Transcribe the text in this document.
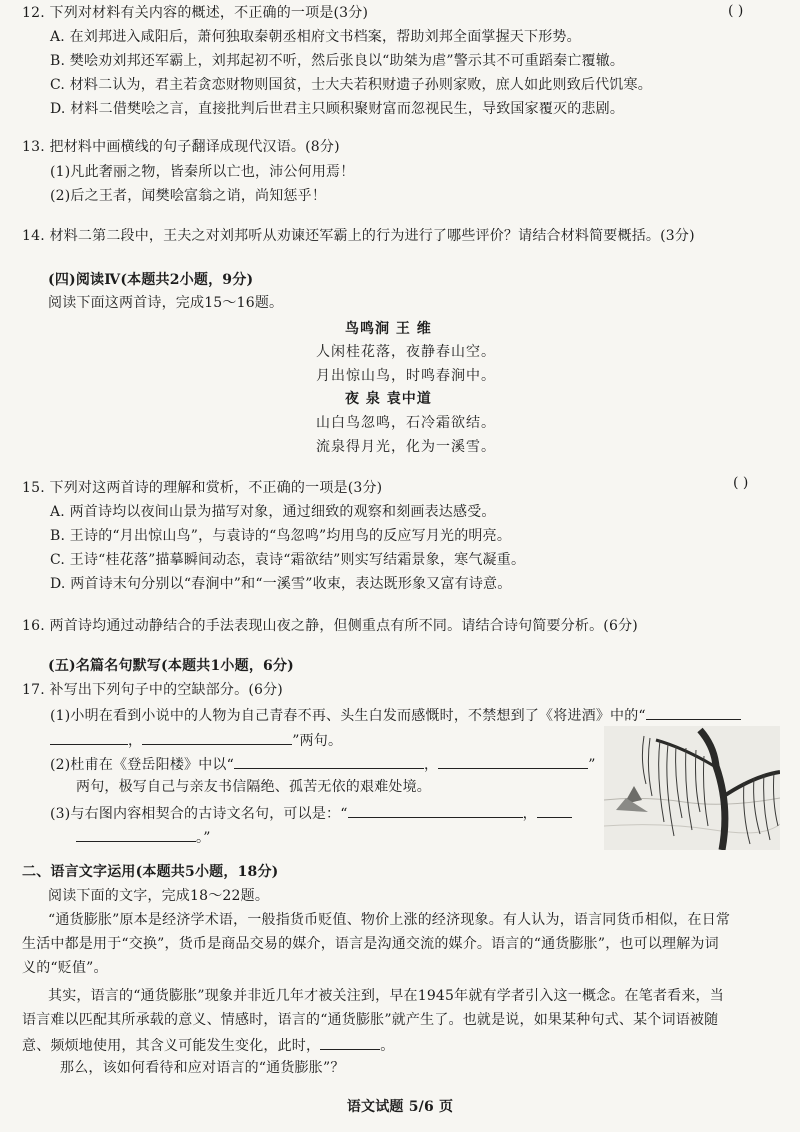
12. 下列对材料有关内容的概述，不正确的一项是(3分)	( )
A. 在刘邦进入咸阳后，萧何独取秦朝丞相府文书档案，帮助刘邦全面掌握天下形势。
B. 樊哙劝刘邦还军霸上，刘邦起初不听，然后张良以“助桀为虐”警示其不可重蹈秦亡覆辙。
C. 材料二认为，君主若贪恋财物则国贫，士大夫若积财遗子孙则家败，庶人如此则致后代饥寒。
D. 材料二借樊哙之言，直接批判后世君主只顾积聚财富而忽视民生，导致国家覆灭的悲剧。
13. 把材料中画横线的句子翻译成现代汉语。(8分)
(1)凡此奢丽之物，皆秦所以亡也，沛公何用焉！
(2)后之王者，闻樊哙富翁之诮，尚知惩乎！
14. 材料二第二段中，王夫之对刘邦听从劝谏还军霸上的行为进行了哪些评价？请结合材料简要概括。(3分)
(四)阅读Ⅳ(本题共2小题，9分)
阅读下面这两首诗，完成15～16题。
鸟鸣涧 王 维
人闲桂花落，夜静春山空。
月出惊山鸟，时鸣春涧中。
夜 泉 袁中道
山白鸟忽鸣，石冷霜欲结。
流泉得月光，化为一溪雪。
15. 下列对这两首诗的理解和赏析，不正确的一项是(3分)	( )
A. 两首诗均以夜间山景为描写对象，通过细致的观察和刻画表达感受。
B. 王诗的“月出惊山鸟”，与袁诗的“鸟忽鸣”均用鸟的反应写月光的明亮。
C. 王诗“桂花落”描摹瞬间动态，袁诗“霜欲结”则实写结霜景象，寒气凝重。
D. 两首诗末句分别以“春涧中”和“一溪雪”收束，表达既形象又富有诗意。
16. 两首诗均通过动静结合的手法表现山夜之静，但侧重点有所不同。请结合诗句简要分析。(6分)
(五)名篇名句默写(本题共1小题，6分)
17. 补写出下列句子中的空缺部分。(6分)
(1)小明在看到小说中的人物为自己青春不再、头生白发而感慨时，不禁想到了《将进酒》中的“
，	”两句。
(2)杜甫在《登岳阳楼》中以“	，	”
两句，极写自己与亲友书信隔绝、孤苦无依的艰难处境。
(3)与右图内容相契合的古诗文名句，可以是：“	，
。”
二、语言文字运用(本题共5小题，18分)
阅读下面的文字，完成18～22题。
“通货膨胀”原本是经济学术语，一般指货币贬值、物价上涨的经济现象。有人认为，语言同货币相似，在日常
生活中都是用于“交换”，货币是商品交易的媒介，语言是沟通交流的媒介。语言的“通货膨胀”，也可以理解为词
义的“贬值”。
其实，语言的“通货膨胀”现象并非近几年才被关注到，早在1945年就有学者引入这一概念。在笔者看来，当
语言难以匹配其所承载的意义、情感时，语言的“通货膨胀”就产生了。也就是说，如果某种句式、某个词语被随
意、频烦地使用，其含义可能发生变化，此时，	。
那么，该如何看待和应对语言的“通货膨胀”？
语文试题 5/6 页
